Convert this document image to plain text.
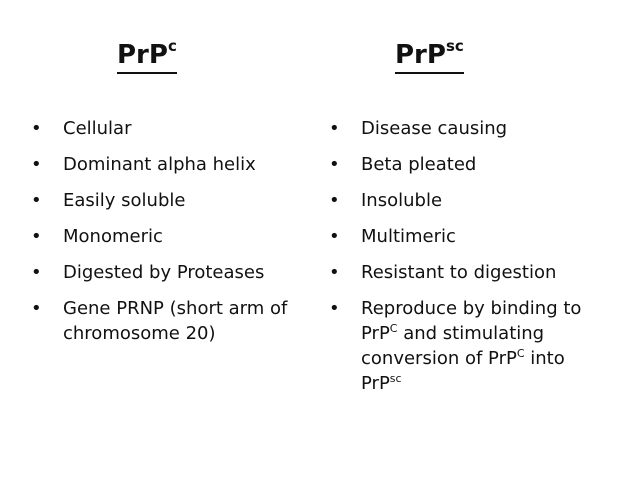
PrP$^c$	PrP$^{sc}$
• Cellular
• Dominant alpha helix
• Easily soluble
• Monomeric
• Digested by Proteases
• Gene PRNP (short arm of chromosome 20)
• Disease causing
• Beta pleated
• Insoluble
• Multimeric
• Resistant to digestion
• Reproduce by binding to PrP$^C$ and stimulating conversion of PrP$^C$ into PrP$^{sc}$
